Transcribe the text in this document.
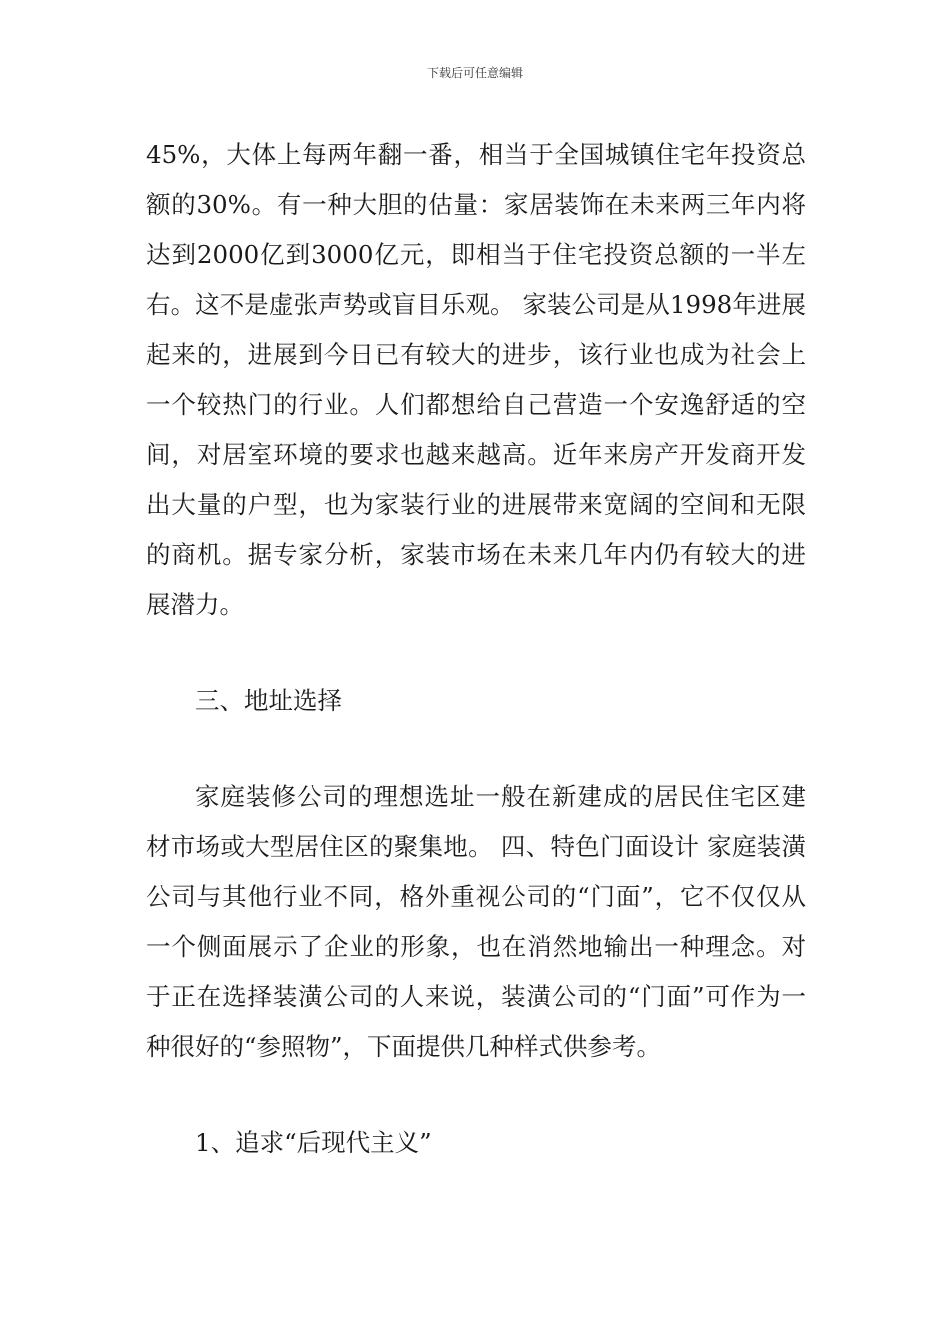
下载后可任意编辑

45%，大体上每两年翻一番，相当于全国城镇住宅年投资总额的30%。有一种大胆的估量：家居装饰在未来两三年内将达到2000亿到3000亿元，即相当于住宅投资总额的一半左右。这不是虚张声势或盲目乐观。 家装公司是从1998年进展起来的，进展到今日已有较大的进步，该行业也成为社会上一个较热门的行业。人们都想给自己营造一个安逸舒适的空间，对居室环境的要求也越来越高。近年来房产开发商开发出大量的户型，也为家装行业的进展带来宽阔的空间和无限的商机。据专家分析，家装市场在未来几年内仍有较大的进展潜力。

三、地址选择

家庭装修公司的理想选址一般在新建成的居民住宅区建材市场或大型居住区的聚集地。 四、特色门面设计 家庭装潢公司与其他行业不同，格外重视公司的“门面”，它不仅仅从一个侧面展示了企业的形象，也在消然地输出一种理念。对于正在选择装潢公司的人来说，装潢公司的“门面”可作为一种很好的“参照物”，下面提供几种样式供参考。

1、追求“后现代主义”
